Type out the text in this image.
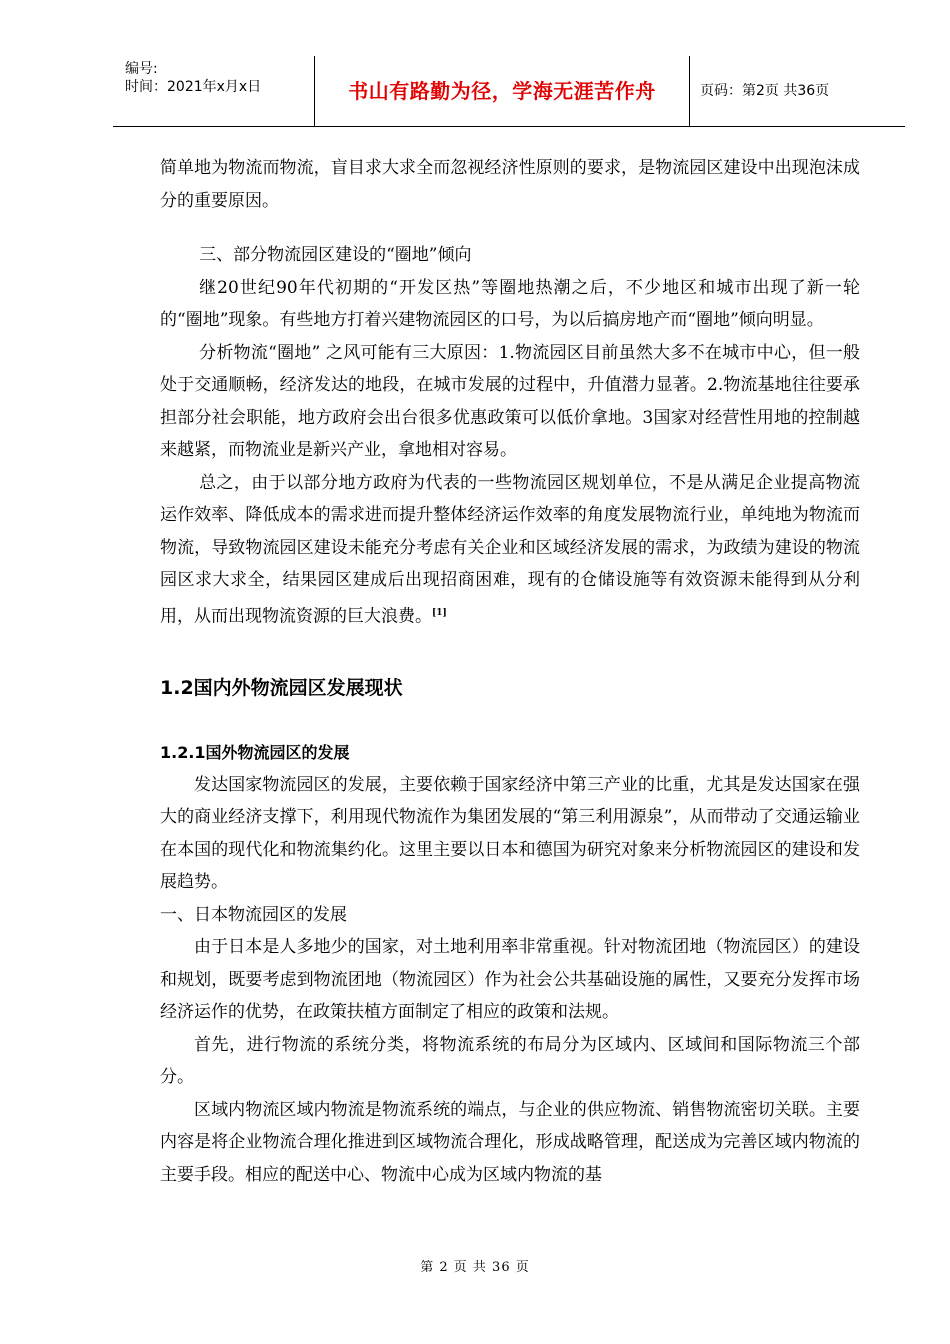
编号:
时间：2021年x月x日	书山有路勤为径，学海无涯苦作舟	页码：第2页 共36页

简单地为物流而物流，盲目求大求全而忽视经济性原则的要求，是物流园区建设中出现泡沫成分的重要原因。

三、部分物流园区建设的“圈地”倾向

继20世纪90年代初期的“开发区热”等圈地热潮之后，不少地区和城市出现了新一轮的“圈地”现象。有些地方打着兴建物流园区的口号，为以后搞房地产而“圈地”倾向明显。

分析物流“圈地” 之风可能有三大原因：1.物流园区目前虽然大多不在城市中心，但一般处于交通顺畅，经济发达的地段，在城市发展的过程中，升值潜力显著。2.物流基地往往要承担部分社会职能，地方政府会出台很多优惠政策可以低价拿地。3国家对经营性用地的控制越来越紧，而物流业是新兴产业，拿地相对容易。

总之，由于以部分地方政府为代表的一些物流园区规划单位，不是从满足企业提高物流运作效率、降低成本的需求进而提升整体经济运作效率的角度发展物流行业，单纯地为物流而物流，导致物流园区建设未能充分考虑有关企业和区域经济发展的需求，为政绩为建设的物流园区求大求全，结果园区建成后出现招商困难，现有的仓储设施等有效资源未能得到从分利用，从而出现物流资源的巨大浪费。[1]

1.2国内外物流园区发展现状
1.2.1国外物流园区的发展

发达国家物流园区的发展，主要依赖于国家经济中第三产业的比重，尤其是发达国家在强大的商业经济支撑下，利用现代物流作为集团发展的“第三利用源泉”，从而带动了交通运输业在本国的现代化和物流集约化。这里主要以日本和德国为研究对象来分析物流园区的建设和发展趋势。

一、日本物流园区的发展

由于日本是人多地少的国家，对土地利用率非常重视。针对物流团地（物流园区）的建设和规划，既要考虑到物流团地（物流园区）作为社会公共基础设施的属性，又要充分发挥市场经济运作的优势，在政策扶植方面制定了相应的政策和法规。

首先，进行物流的系统分类，将物流系统的布局分为区域内、区域间和国际物流三个部分。

区域内物流区域内物流是物流系统的端点，与企业的供应物流、销售物流密切关联。主要内容是将企业物流合理化推进到区域物流合理化，形成战略管理，配送成为完善区域内物流的主要手段。相应的配送中心、物流中心成为区域内物流的基

第 2 页 共 36 页
